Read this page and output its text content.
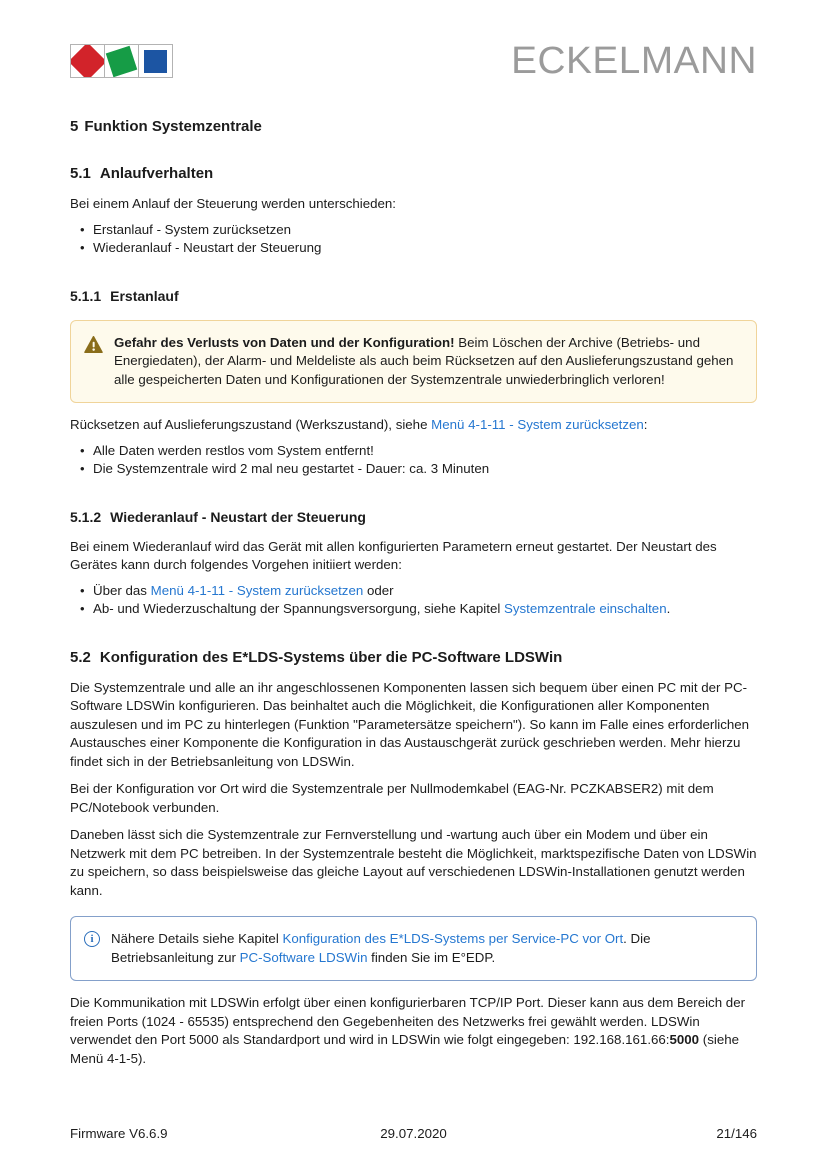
ECKELMANN
5 Funktion Systemzentrale
5.1 Anlaufverhalten

Bei einem Anlauf der Steuerung werden unterschieden:

• Erstanlauf - System zurücksetzen
• Wiederanlauf - Neustart der Steuerung
5.1.1 Erstanlauf
Gefahr des Verlusts von Daten und der Konfiguration! Beim Löschen der Archive (Betriebs- und Energiedaten), der Alarm- und Meldeliste als auch beim Rücksetzen auf den Auslieferungszustand gehen alle gespeicherten Daten und Konfigurationen der Systemzentrale unwiederbringlich verloren!

Rücksetzen auf Auslieferungszustand (Werkszustand), siehe Menü 4-1-11 - System zurücksetzen:

• Alle Daten werden restlos vom System entfernt!
• Die Systemzentrale wird 2 mal neu gestartet - Dauer: ca. 3 Minuten
5.1.2 Wiederanlauf - Neustart der Steuerung

Bei einem Wiederanlauf wird das Gerät mit allen konfigurierten Parametern erneut gestartet. Der Neustart des Gerätes kann durch folgendes Vorgehen initiiert werden:

• Über das Menü 4-1-11 - System zurücksetzen oder
• Ab- und Wiederzuschaltung der Spannungsversorgung, siehe Kapitel Systemzentrale einschalten.
5.2 Konfiguration des E*LDS-Systems über die PC-Software LDSWin

Die Systemzentrale und alle an ihr angeschlossenen Komponenten lassen sich bequem über einen PC mit der PC-Software LDSWin konfigurieren. Das beinhaltet auch die Möglichkeit, die Konfigurationen aller Komponenten auszulesen und im PC zu hinterlegen (Funktion "Parametersätze speichern"). So kann im Falle eines erforderlichen Austausches einer Komponente die Konfiguration in das Austauschgerät zurück geschrieben werden. Mehr hierzu findet sich in der Betriebsanleitung von LDSWin.

Bei der Konfiguration vor Ort wird die Systemzentrale per Nullmodemkabel (EAG-Nr. PCZKABSER2) mit dem PC/Notebook verbunden.

Daneben lässt sich die Systemzentrale zur Fernverstellung und -wartung auch über ein Modem und über ein Netzwerk mit dem PC betreiben. In der Systemzentrale besteht die Möglichkeit, marktspezifische Daten von LDSWin zu speichern, so dass beispielsweise das gleiche Layout auf verschiedenen LDSWin-Installationen genutzt werden kann.

i	Nähere Details siehe Kapitel Konfiguration des E*LDS-Systems per Service-PC vor Ort. Die Betriebsanleitung zur PC-Software LDSWin finden Sie im E°EDP.

Die Kommunikation mit LDSWin erfolgt über einen konfigurierbaren TCP/IP Port. Dieser kann aus dem Bereich der freien Ports (1024 - 65535) entsprechend den Gegebenheiten des Netzwerks frei gewählt werden. LDSWin verwendet den Port 5000 als Standardport und wird in LDSWin wie folgt eingegeben: 192.168.161.66:5000 (siehe Menü 4-1-5).

29.07.2020
Firmware V6.6.9	21/146
